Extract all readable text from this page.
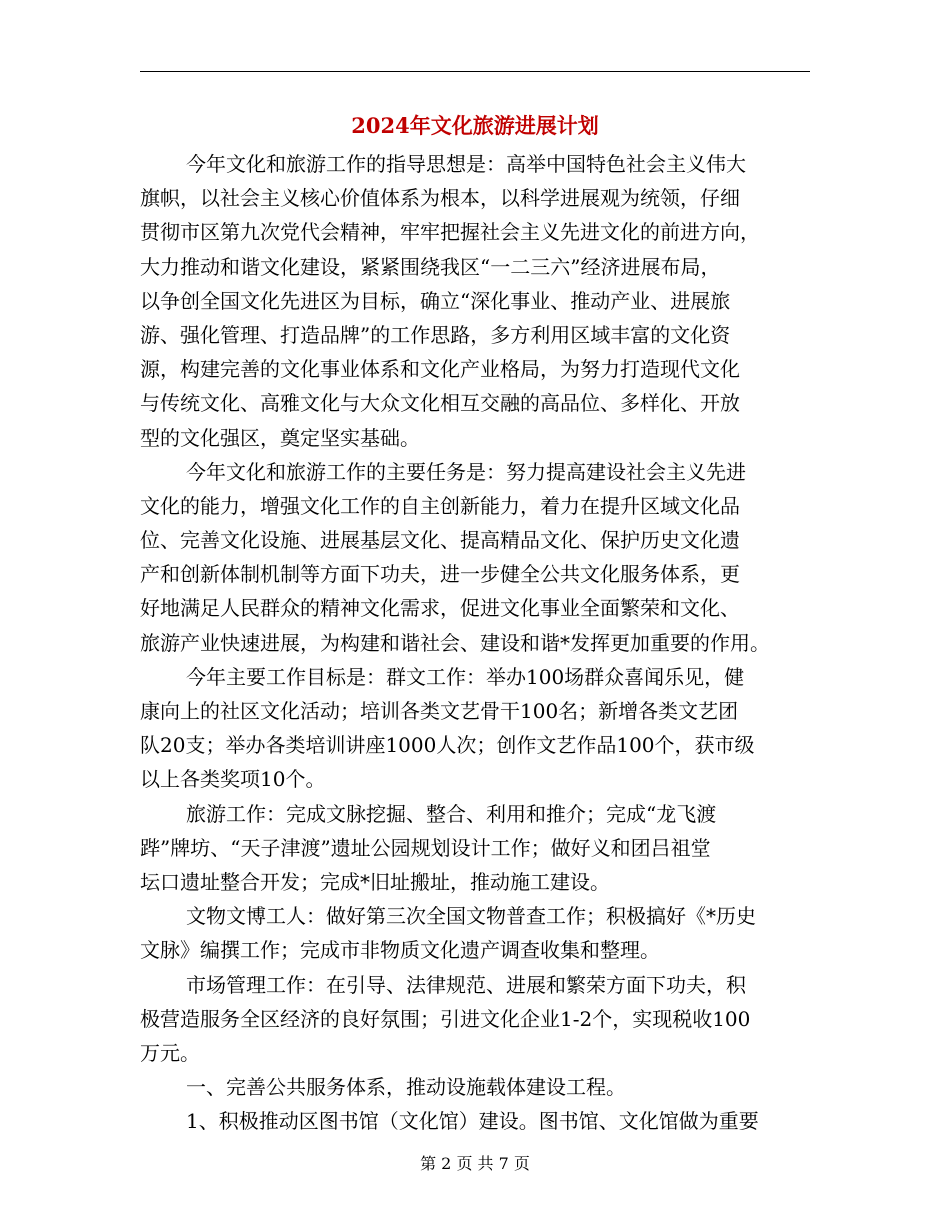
2024年文化旅游进展计划
今年文化和旅游工作的指导思想是：高举中国特色社会主义伟大
旗帜，以社会主义核心价值体系为根本，以科学进展观为统领，仔细
贯彻市区第九次党代会精神，牢牢把握社会主义先进文化的前进方向，
大力推动和谐文化建设，紧紧围绕我区“一二三六”经济进展布局，
以争创全国文化先进区为目标，确立“深化事业、推动产业、进展旅
游、强化管理、打造品牌”的工作思路，多方利用区域丰富的文化资
源，构建完善的文化事业体系和文化产业格局，为努力打造现代文化
与传统文化、高雅文化与大众文化相互交融的高品位、多样化、开放
型的文化强区，奠定坚实基础。
今年文化和旅游工作的主要任务是：努力提高建设社会主义先进
文化的能力，增强文化工作的自主创新能力，着力在提升区域文化品
位、完善文化设施、进展基层文化、提高精品文化、保护历史文化遗
产和创新体制机制等方面下功夫，进一步健全公共文化服务体系，更
好地满足人民群众的精神文化需求，促进文化事业全面繁荣和文化、
旅游产业快速进展，为构建和谐社会、建设和谐*发挥更加重要的作用。
今年主要工作目标是：群文工作：举办100场群众喜闻乐见，健
康向上的社区文化活动；培训各类文艺骨干100名；新增各类文艺团
队20支；举办各类培训讲座1000人次；创作文艺作品100个，获市级
以上各类奖项10个。
旅游工作：完成文脉挖掘、整合、利用和推介；完成“龙飞渡
跸”牌坊、“天子津渡”遗址公园规划设计工作；做好义和团吕祖堂
坛口遗址整合开发；完成*旧址搬址，推动施工建设。
文物文博工人：做好第三次全国文物普查工作；积极搞好《*历史
文脉》编撰工作；完成市非物质文化遗产调查收集和整理。
市场管理工作：在引导、法律规范、进展和繁荣方面下功夫，积
极营造服务全区经济的良好氛围；引进文化企业1-2个，实现税收100
万元。
一、完善公共服务体系，推动设施载体建设工程。
1、积极推动区图书馆（文化馆）建设。图书馆、文化馆做为重要
第 2 页 共 7 页
